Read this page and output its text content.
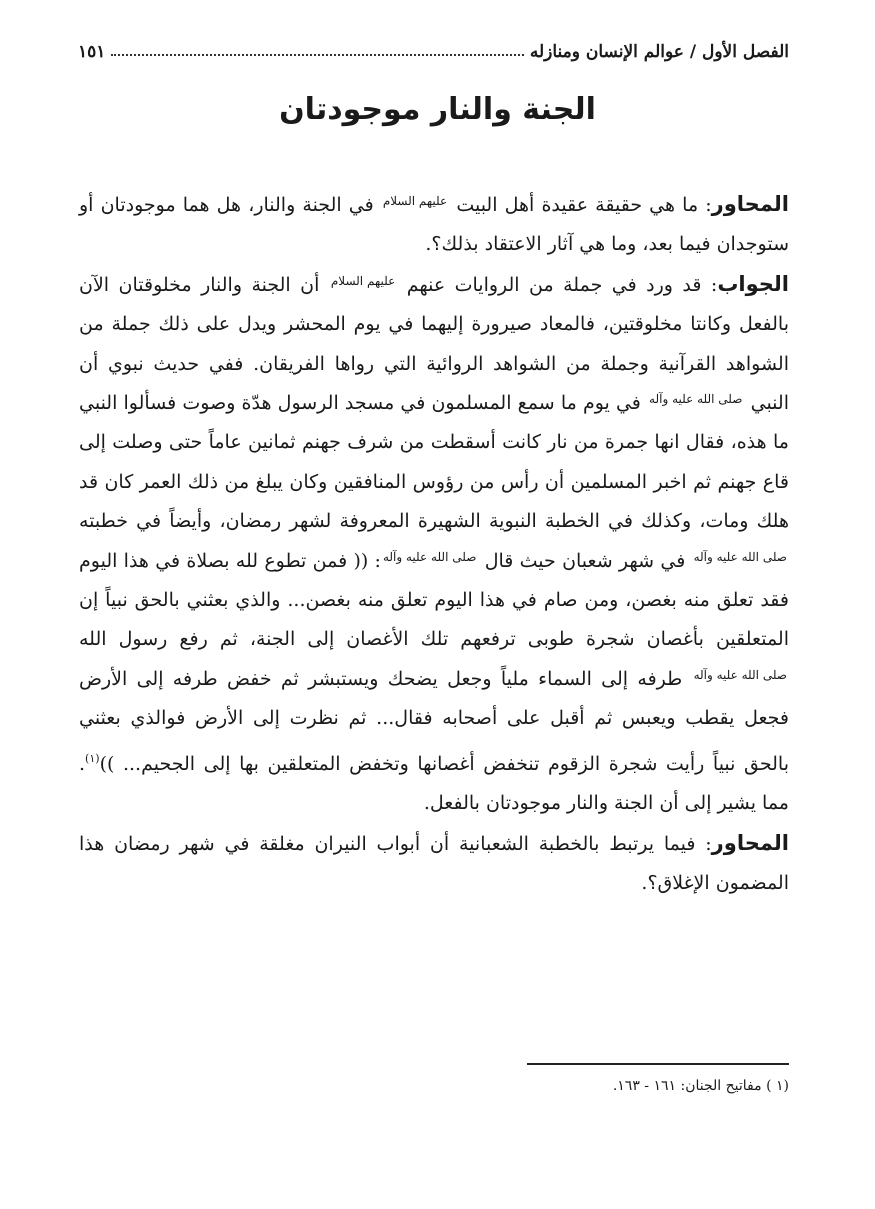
الفصل الأول / عوالم الإنسان ومنازله
١٥١
الجنة والنار موجودتان

المحاور: ما هي حقيقة عقيدة أهل البيت عليهم السلام في الجنة والنار، هل هما موجودتان أو ستوجدان فيما بعد، وما هي آثار الاعتقاد بذلك؟.

الجواب: قد ورد في جملة من الروايات عنهم عليهم السلام أن الجنة والنار مخلوقتان الآن بالفعل وكانتا مخلوقتين، فالمعاد صيرورة إليهما في يوم المحشر ويدل على ذلك جملة من الشواهد القرآنية وجملة من الشواهد الروائية التي رواها الفريقان. ففي حديث نبوي أن النبي صلى الله عليه وآله في يوم ما سمع المسلمون في مسجد الرسول هدّة وصوت فسألوا النبي ما هذه، فقال انها جمرة من نار كانت أسقطت من شرف جهنم ثمانين عاماً حتى وصلت إلى قاع جهنم ثم اخبر المسلمين أن رأس من رؤوس المنافقين وكان يبلغ من ذلك العمر كان قد هلك ومات، وكذلك في الخطبة النبوية الشهيرة المعروفة لشهر رمضان، وأيضاً في خطبته صلى الله عليه وآله في شهر شعبان حيث قال صلى الله عليه وآله: (( فمن تطوع لله بصلاة في هذا اليوم فقد تعلق منه بغصن، ومن صام في هذا اليوم تعلق منه بغصن... والذي بعثني بالحق نبياً إن المتعلقين بأغصان شجرة طوبى ترفعهم تلك الأغصان إلى الجنة، ثم رفع رسول الله صلى الله عليه وآله طرفه إلى السماء ملياً وجعل يضحك ويستبشر ثم خفض طرفه إلى الأرض فجعل يقطب ويعبس ثم أقبل على أصحابه فقال... ثم نظرت إلى الأرض فوالذي بعثني بالحق نبياً رأيت شجرة الزقوم تنخفض أغصانها وتخفض المتعلقين بها إلى الجحيم... ))$^{(١)}$. مما يشير إلى أن الجنة والنار موجودتان بالفعل.

المحاور: فيما يرتبط بالخطبة الشعبانية أن أبواب النيران مغلقة في شهر رمضان هذا المضمون الإغلاق؟.

(١ ) مفاتيح الجنان: ١٦١ - ١٦٣.
